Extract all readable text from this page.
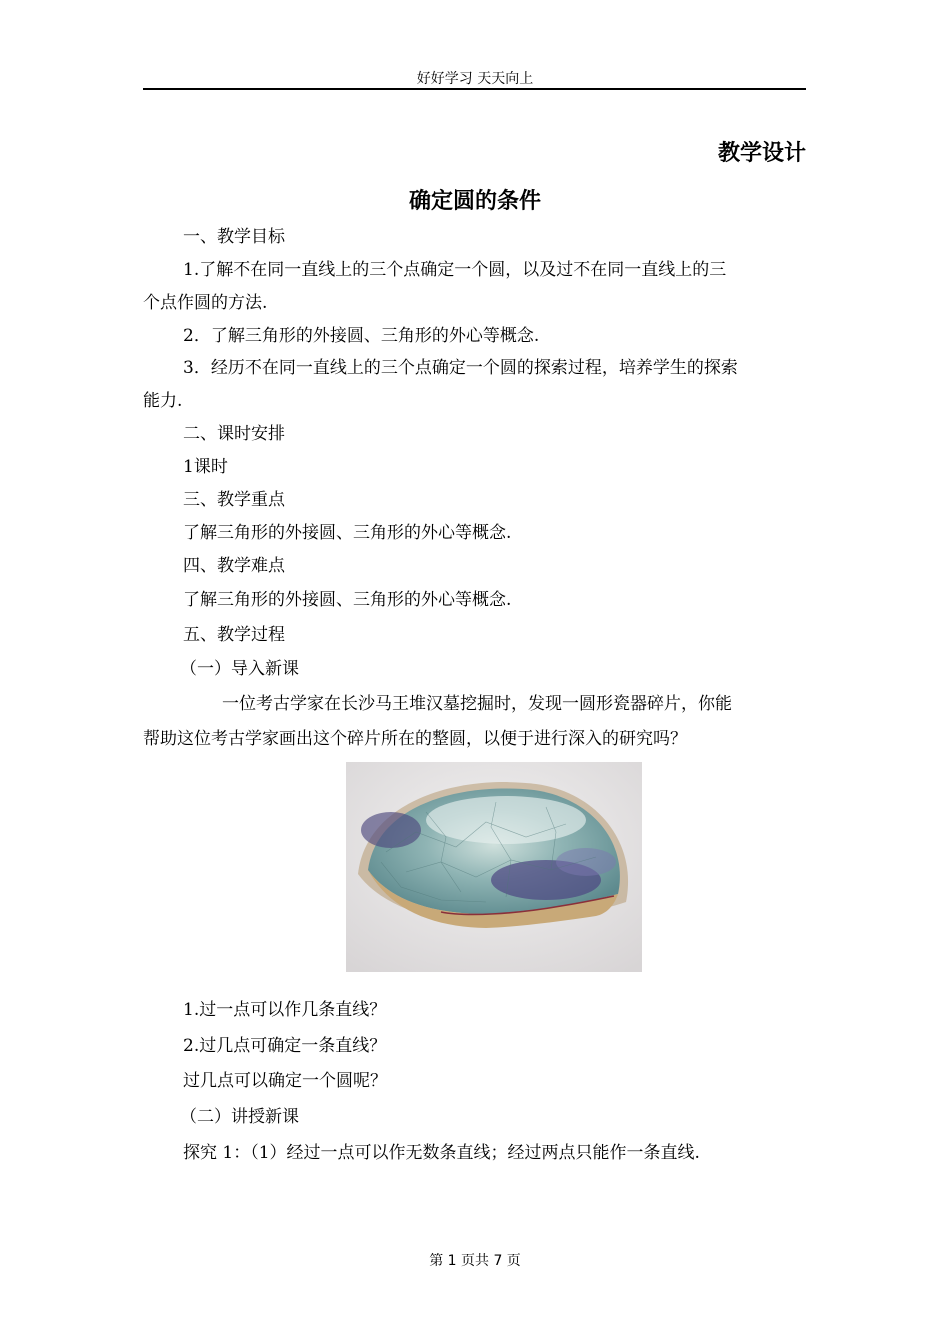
好好学习 天天向上
教学设计
确定圆的条件
一、教学目标
1.了解不在同一直线上的三个点确定一个圆，以及过不在同一直线上的三
个点作圆的方法.
2．了解三角形的外接圆、三角形的外心等概念.
3．经历不在同一直线上的三个点确定一个圆的探索过程，培养学生的探索
能力.
二、课时安排
1课时
三、教学重点
了解三角形的外接圆、三角形的外心等概念.
四、教学难点
了解三角形的外接圆、三角形的外心等概念.
五、教学过程
（一）导入新课
一位考古学家在长沙马王堆汉墓挖掘时，发现一圆形瓷器碎片，你能
帮助这位考古学家画出这个碎片所在的整圆，以便于进行深入的研究吗？
1.过一点可以作几条直线？
2.过几点可确定一条直线？
过几点可以确定一个圆呢？
（二）讲授新课
探究 1：（1）经过一点可以作无数条直线；经过两点只能作一条直线.
第 1 页共 7 页
